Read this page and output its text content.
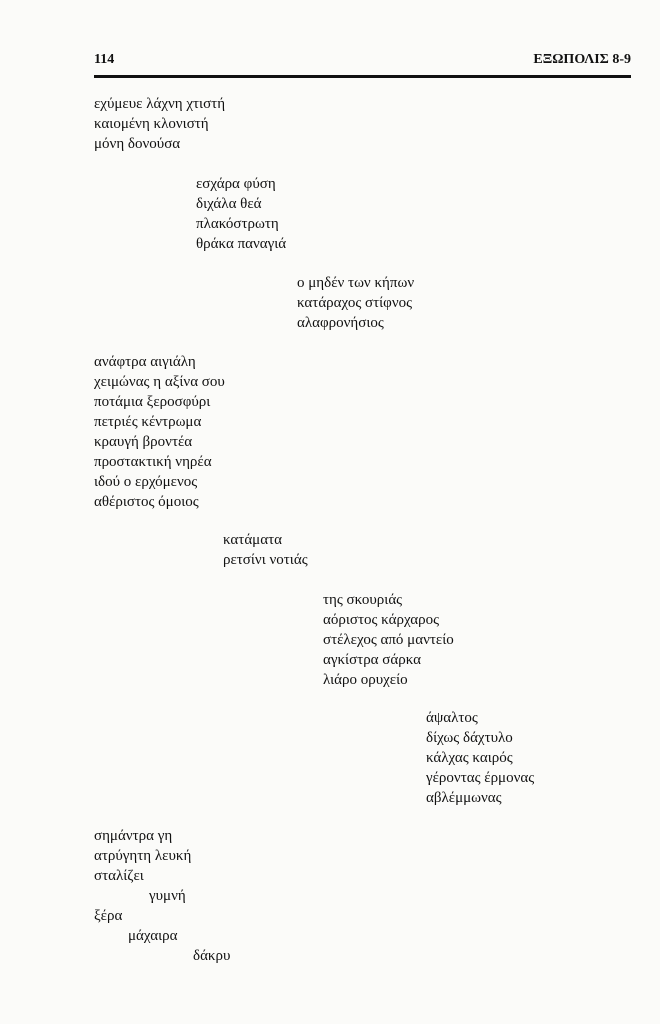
114	ΕΞΩΠΟΛΙΣ 8-9
εχύμευε λάχνη χτιστή
καιομένη κλονιστή
μόνη δονούσα
εσχάρα φύση
διχάλα θεά
πλακόστρωτη
θράκα παναγιά
ο μηδέν των κήπων
κατάραχος στίφνος
αλαφρονήσιος
ανάφτρα αιγιάλη
χειμώνας η αξίνα σου
ποτάμια ξεροσφύρι
πετριές κέντρωμα
κραυγή βροντέα
προστακτική νηρέα
ιδού ο ερχόμενος
αθέριστος όμοιος
κατάματα
ρετσίνι νοτιάς
της σκουριάς
αόριστος κάρχαρος
στέλεχος από μαντείο
αγκίστρα σάρκα
λιάρο ορυχείο
άψαλτος
δίχως δάχτυλο
κάλχας καιρός
γέροντας έρμονας
αβλέμμωνας
σημάντρα γη
ατρύγητη λευκή
σταλίζει
γυμνή
ξέρα
μάχαιρα
δάκρυ
